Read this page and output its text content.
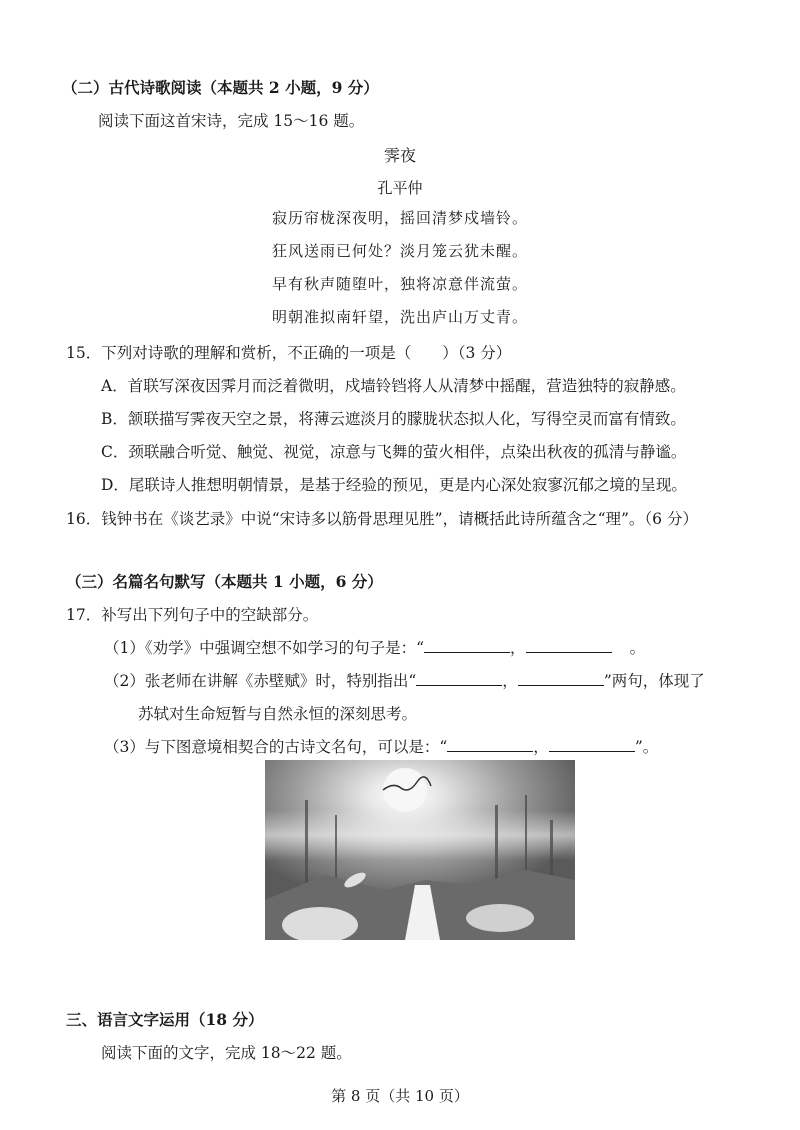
（二）古代诗歌阅读（本题共 2 小题，9 分）
阅读下面这首宋诗，完成 15～16 题。
霁夜
孔平仲
寂历帘栊深夜明，摇回清梦戍墙铃。
狂风送雨已何处？淡月笼云犹未醒。
早有秋声随堕叶，独将凉意伴流萤。
明朝准拟南轩望，洗出庐山万丈青。
15．下列对诗歌的理解和赏析，不正确的一项是（　　）（3 分）
A．首联写深夜因霁月而泛着微明，戍墙铃铛将人从清梦中摇醒，营造独特的寂静感。
B．颔联描写霁夜天空之景，将薄云遮淡月的朦胧状态拟人化，写得空灵而富有情致。
C．颈联融合听觉、触觉、视觉，凉意与飞舞的萤火相伴，点染出秋夜的孤清与静谧。
D．尾联诗人推想明朝情景，是基于经验的预见，更是内心深处寂寥沉郁之境的呈现。
16．钱钟书在《谈艺录》中说“宋诗多以筋骨思理见胜”，请概括此诗所蕴含之“理”。（6 分）
（三）名篇名句默写（本题共 1 小题，6 分）
17．补写出下列句子中的空缺部分。
（1）《劝学》中强调空想不如学习的句子是：“	，	。
（2）张老师在讲解《赤壁赋》时，特别指出“	，	”两句，体现了
苏轼对生命短暂与自然永恒的深刻思考。
（3）与下图意境相契合的古诗文名句，可以是：“	，	”。
三、语言文字运用（18 分）
阅读下面的文字，完成 18～22 题。
第 8 页（共 10 页）
